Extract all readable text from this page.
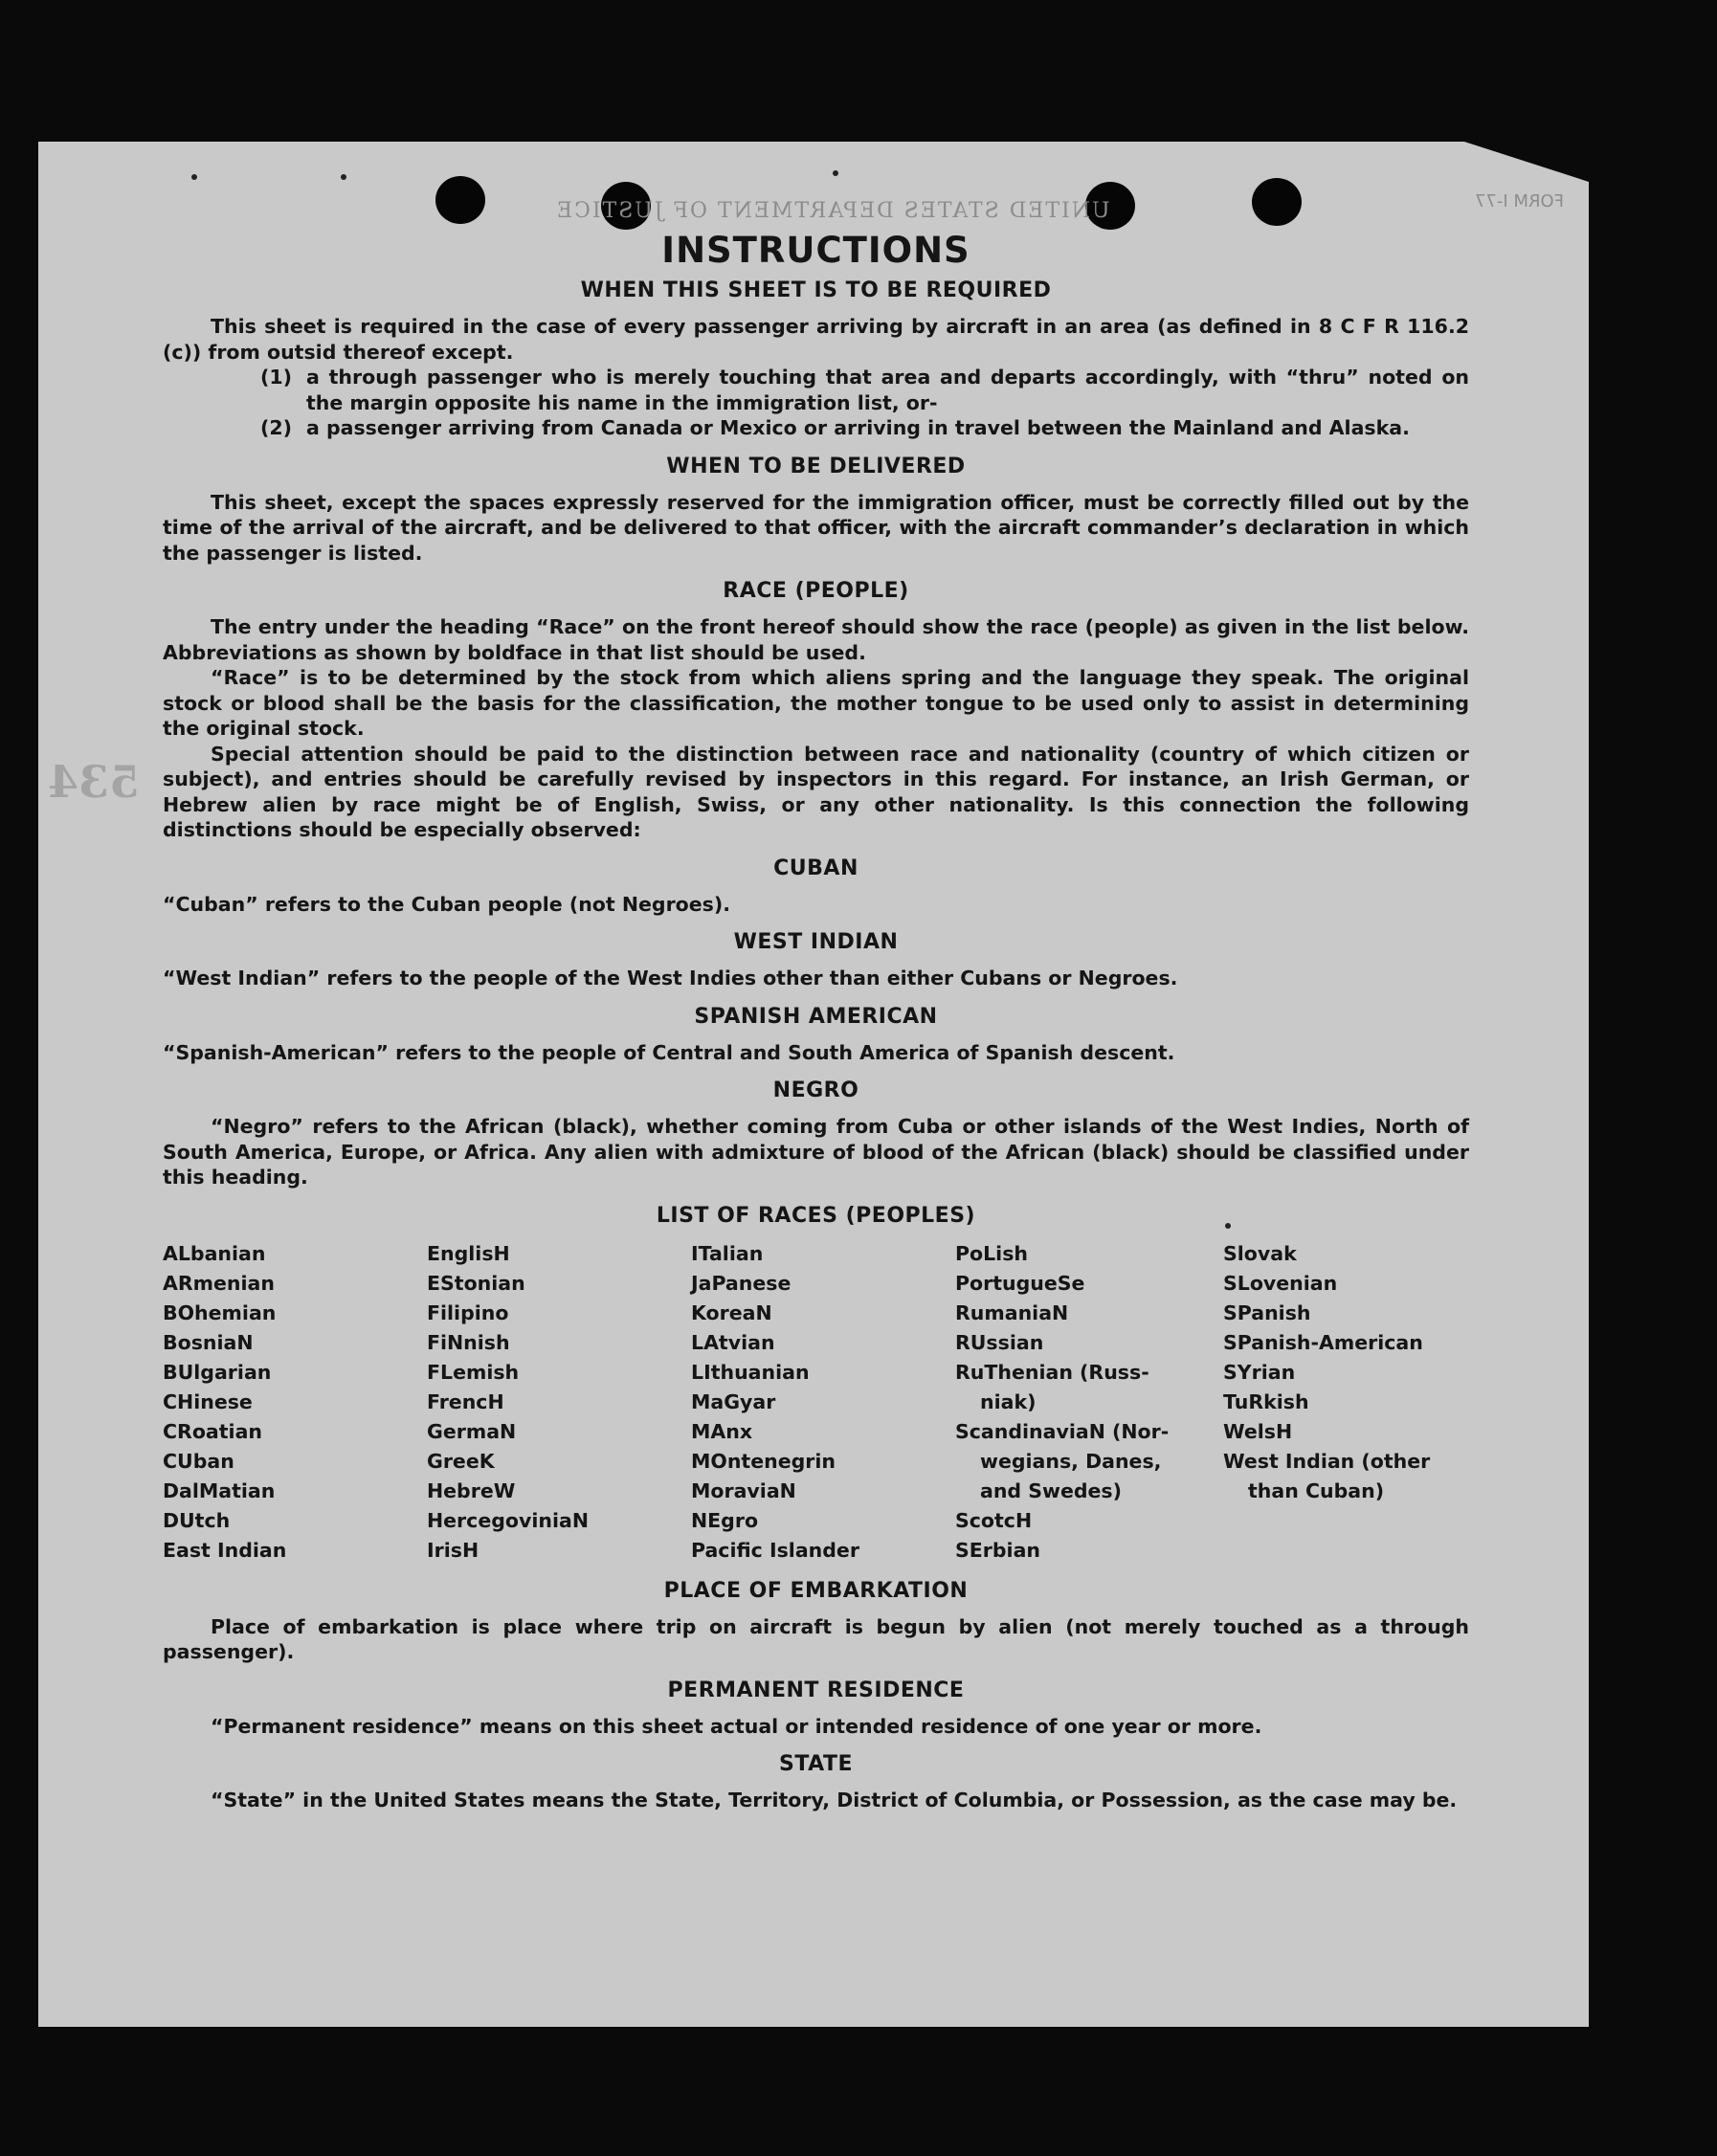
UNITED STATES DEPARTMENT OF JUSTICE	FORM I-77
534
INSTRUCTIONS
WHEN THIS SHEET IS TO BE REQUIRED

This sheet is required in the case of every passenger arriving by aircraft in an area (as defined in 8 C F R 116.2 (c)) from outsid thereof except.

(1) a through passenger who is merely touching that area and departs accordingly, with “thru” noted on the margin opposite his name in the immigration list, or-
(2) a passenger arriving from Canada or Mexico or arriving in travel between the Mainland and Alaska.
WHEN TO BE DELIVERED

This sheet, except the spaces expressly reserved for the immigration officer, must be correctly filled out by the time of the arrival of the aircraft, and be delivered to that officer, with the aircraft commander’s declaration in which the passenger is listed.

RACE (PEOPLE)

The entry under the heading “Race” on the front hereof should show the race (people) as given in the list below. Abbreviations as shown by boldface in that list should be used.

“Race” is to be determined by the stock from which aliens spring and the language they speak. The original stock or blood shall be the basis for the classification, the mother tongue to be used only to assist in determining the original stock.

Special attention should be paid to the distinction between race and nationality (country of which citizen or subject), and entries should be carefully revised by inspectors in this regard. For instance, an Irish German, or Hebrew alien by race might be of English, Swiss, or any other nationality. Is this connection the following distinctions should be especially observed:

CUBAN

“Cuban” refers to the Cuban people (not Negroes).

WEST INDIAN

“West Indian” refers to the people of the West Indies other than either Cubans or Negroes.

SPANISH AMERICAN

“Spanish-American” refers to the people of Central and South America of Spanish descent.

NEGRO

“Negro” refers to the African (black), whether coming from Cuba or other islands of the West Indies, North of South America, Europe, or Africa. Any alien with admixture of blood of the African (black) should be classified under this heading.

LIST OF RACES (PEOPLES)
ALbanian
ARmenian
BOhemian
BosniaN
BUlgarian
CHinese
CRoatian
CUban
DalMatian
DUtch
East Indian
EnglisH
EStonian
Filipino
FiNnish
FLemish
FrencH
GermaN
GreeK
HebreW
HercegoviniaN
IrisH
ITalian
JaPanese
KoreaN
LAtvian
LIthuanian
MaGyar
MAnx
MOntenegrin
MoraviaN
NEgro
Pacific Islander
PoLish
PortugueSe
RumaniaN
RUssian
RuThenian (Russ-
niak)
ScandinaviaN (Nor-
wegians, Danes,
and Swedes)
ScotcH
SErbian
Slovak
SLovenian
SPanish
SPanish-American
SYrian
TuRkish
WelsH
West Indian (other
than Cuban)
PLACE OF EMBARKATION

Place of embarkation is place where trip on aircraft is begun by alien (not merely touched as a through passenger).

PERMANENT RESIDENCE

“Permanent residence” means on this sheet actual or intended residence of one year or more.

STATE

“State” in the United States means the State, Territory, District of Columbia, or Possession, as the case may be.
